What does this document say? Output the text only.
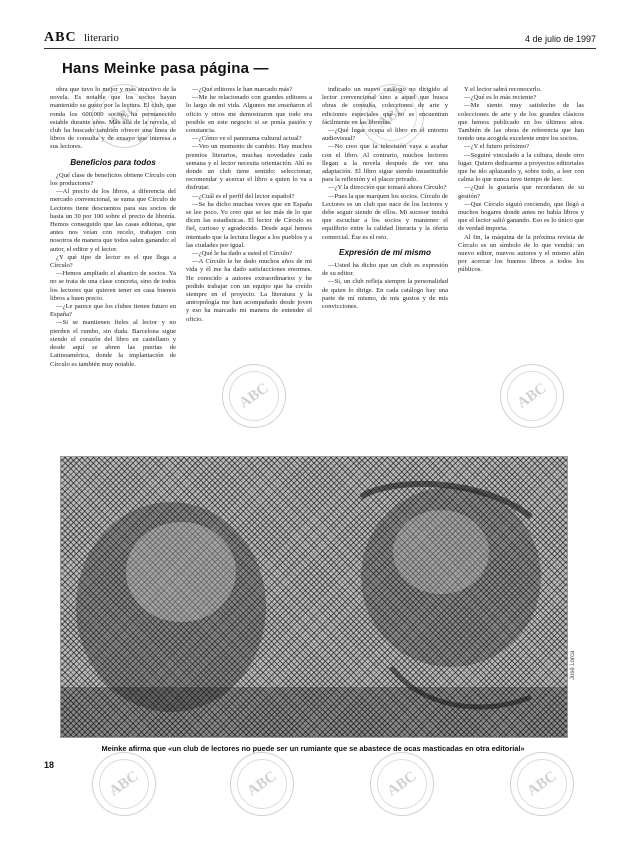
ABC literario	4 de julio de 1997
Hans Meinke pasa página —

obra que tuvo lo mejor y más atractivo de la novela. Es notable que los socios hayan mantenido su gusto por la lectura. El club, que ronda los 600.000 socios, ha permanecido estable durante años. Más allá de la novela, el club ha buscado también ofrecer una línea de libros de consulta y de ensayo que interesa a sus lectores.

Beneficios para todos

¿Qué clase de beneficios obtiene Círculo con los productores?

—Al precio de los libros, a diferencia del mercado convencional, se suma que Círculo de Lectores tiene descuentos para sus socios de hasta un 30 por 100 sobre el precio de librería. Hemos conseguido que las casas editoras, que antes nos veían con recelo, trabajen con nosotros de manera que todos salen ganando: el autor, el editor y el lector.

¿Y qué tipo de lector es el que llega a Círculo?

—Hemos ampliado el abanico de socios. Ya no se trata de una clase concreta, sino de todos los lectores que quieren tener en casa buenos libros a buen precio.

—¿Le parece que los clubes tienen futuro en España?

—Si se mantienen fieles al lector y no pierden el rumbo, sin duda. Barcelona sigue siendo el corazón del libro en castellano y desde aquí se abren las puertas de Latinoamérica, donde la implantación de Círculo es también muy notable.

—¿Qué editores le han marcado más?

—Me he relacionado con grandes editores a lo largo de mi vida. Algunos me enseñaron el oficio y otros me demostraron que todo era posible en este negocio si se ponía pasión y constancia.

—¿Cómo ve el panorama cultural actual?

—Veo un momento de cambio. Hay muchos premios literarios, muchas novedades cada semana y el lector necesita orientación. Ahí es donde un club tiene sentido: seleccionar, recomendar y acercar el libro a quien lo va a disfrutar.

—¿Cuál es el perfil del lector español?

—Se ha dicho muchas veces que en España se lee poco. Yo creo que se lee más de lo que dicen las estadísticas. El lector de Círculo es fiel, curioso y agradecido. Desde aquí hemos intentado que la lectura llegue a los pueblos y a las ciudades por igual.

—¿Qué le ha dado a usted el Círculo?

—A Círculo le he dado muchos años de mi vida y él me ha dado satisfacciones enormes. He conocido a autores extraordinarios y he podido trabajar con un equipo que ha creído siempre en el proyecto. La literatura y la antropología me han acompañado desde joven y eso ha marcado mi manera de entender el oficio.

indicado un nuevo catálogo no dirigido al lector convencional sino a aquel que busca obras de consulta, colecciones de arte y ediciones especiales que no se encuentran fácilmente en las librerías.

—¿Qué lugar ocupa el libro en el entorno audiovisual?

—No creo que la televisión vaya a acabar con el libro. Al contrario, muchos lectores llegan a la novela después de ver una adaptación. El libro sigue siendo insustituible para la reflexión y el placer privado.

—¿Y la dirección que tomará ahora Círculo?

—Pues la que marquen los socios. Círculo de Lectores es un club que nace de los lectores y debe seguir siendo de ellos. Mi sucesor tendrá que escuchar a los socios y mantener el equilibrio entre la calidad literaria y la oferta comercial. Ése es el reto.

Expresión de mí mismo

—Usted ha dicho que un club es expresión de su editor.

—Sí, un club refleja siempre la personalidad de quien lo dirige. En cada catálogo hay una parte de mí mismo, de mis gustos y de mis convicciones.

Y el lector sabrá reconocerlo.

—¿Qué es lo más reciente?

—Me siento muy satisfecho de las colecciones de arte y de los grandes clásicos que hemos publicado en los últimos años. También de las obras de referencia que han tenido una acogida excelente entre los socios.

—¿Y el futuro próximo?

—Seguiré vinculado a la cultura, desde otro lugar. Quiero dedicarme a proyectos editoriales que he ido aplazando y, sobre todo, a leer con calma lo que nunca tuve tiempo de leer.

—¿Qué le gustaría que recordaran de su gestión?

—Que Círculo siguió creciendo, que llegó a muchos hogares donde antes no había libros y que el lector salió ganando. Eso es lo único que de verdad importa.

Al fin, la máquina de la próxima revista de Círculo es un símbolo de lo que vendrá: un nuevo editor, nuevos autores y el mismo afán por acercar los buenos libros a todos los públicos.

José Lorca
Meinke afirma que «un club de lectores no puede ser un rumiante que se abastece de ocas masticadas en otra editorial»
18
ABC	ABC
ABC	ABC
ABC	ABC	ABC	ABC
